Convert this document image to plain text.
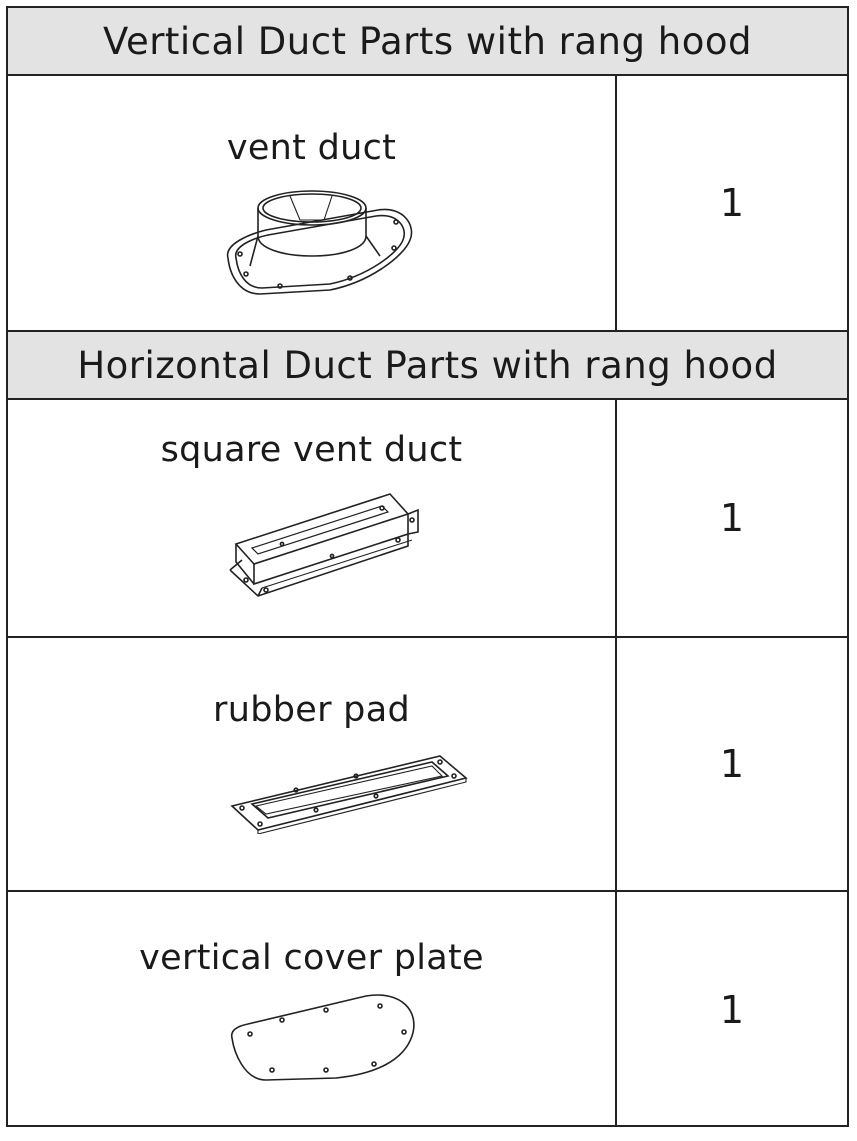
Vertical Duct Parts with rang hood
vent duct
1
Horizontal Duct Parts with rang hood
square vent duct
1
rubber pad
1
vertical cover plate
1
